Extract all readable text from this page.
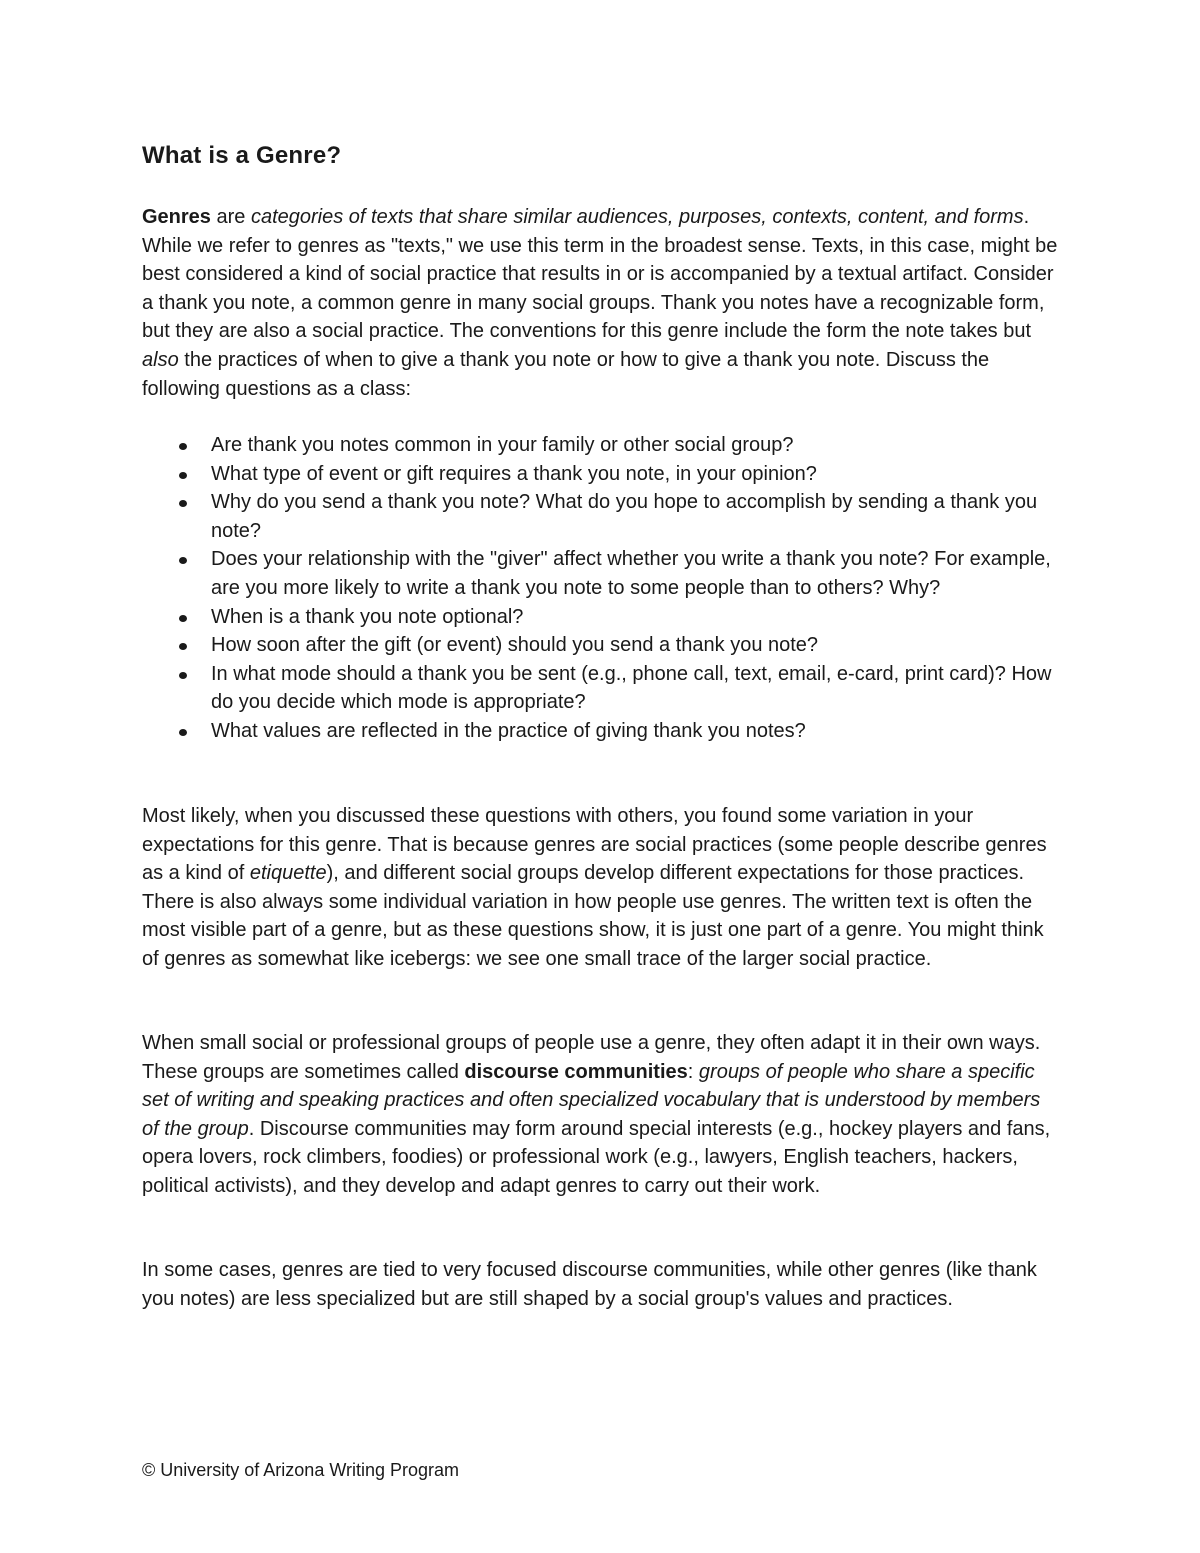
What is a Genre?

Genres are categories of texts that share similar audiences, purposes, contexts, content, and forms. While we refer to genres as "texts," we use this term in the broadest sense. Texts, in this case, might be best considered a kind of social practice that results in or is accompanied by a textual artifact. Consider a thank you note, a common genre in many social groups. Thank you notes have a recognizable form, but they are also a social practice. The conventions for this genre include the form the note takes but also the practices of when to give a thank you note or how to give a thank you note. Discuss the following questions as a class:

Are thank you notes common in your family or other social group?
What type of event or gift requires a thank you note, in your opinion?
Why do you send a thank you note? What do you hope to accomplish by sending a thank you note?
Does your relationship with the "giver" affect whether you write a thank you note? For example, are you more likely to write a thank you note to some people than to others? Why?
When is a thank you note optional?
How soon after the gift (or event) should you send a thank you note?
In what mode should a thank you be sent (e.g., phone call, text, email, e-card, print card)? How do you decide which mode is appropriate?
What values are reflected in the practice of giving thank you notes?

Most likely, when you discussed these questions with others, you found some variation in your expectations for this genre. That is because genres are social practices (some people describe genres as a kind of etiquette), and different social groups develop different expectations for those practices. There is also always some individual variation in how people use genres. The written text is often the most visible part of a genre, but as these questions show, it is just one part of a genre. You might think of genres as somewhat like icebergs: we see one small trace of the larger social practice.

When small social or professional groups of people use a genre, they often adapt it in their own ways. These groups are sometimes called discourse communities: groups of people who share a specific set of writing and speaking practices and often specialized vocabulary that is understood by members of the group. Discourse communities may form around special interests (e.g., hockey players and fans, opera lovers, rock climbers, foodies) or professional work (e.g., lawyers, English teachers, hackers, political activists), and they develop and adapt genres to carry out their work.

In some cases, genres are tied to very focused discourse communities, while other genres (like thank you notes) are less specialized but are still shaped by a social group's values and practices.

© University of Arizona Writing Program
